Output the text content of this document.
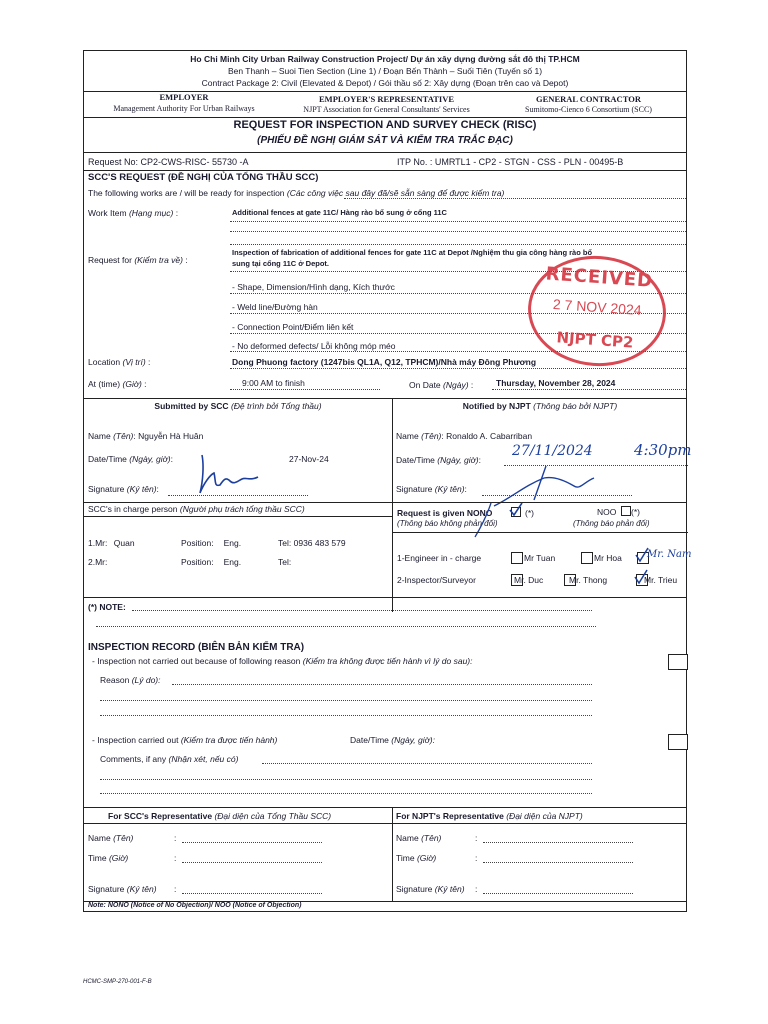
Ho Chi Minh City Urban Railway Construction Project/ Dự án xây dựng đường sắt đô thị TP.HCM
Ben Thanh – Suoi Tien Section (Line 1) / Đoạn Bến Thành – Suối Tiên (Tuyến số 1)
Contract Package 2: Civil (Elevated & Depot) / Gói thầu số 2: Xây dựng (Đoạn trên cao và Depot)
EMPLOYER
Management Authority For Urban Railways
EMPLOYER'S REPRESENTATIVE
NJPT Association for General Consultants' Services
GENERAL CONTRACTOR
Sumitomo-Cienco 6 Consortium (SCC)
REQUEST FOR INSPECTION AND SURVEY CHECK (RISC)
(PHIẾU ĐỀ NGHỊ GIÁM SÁT VÀ KIỂM TRA TRẮC ĐẠC)
Request No: CP2-CWS-RISC- 55730 -A	ITP No. : UMRTL1 - CP2 - STGN - CSS - PLN - 00495-B
SCC'S REQUEST (ĐỀ NGHỊ CỦA TỔNG THẦU SCC)
The following works are / will be ready for inspection (Các công việc sau đây đã/sẽ sẵn sàng để được kiểm tra)
Work Item (Hạng mục) :	Additional fences at gate 11C/ Hàng rào bổ sung ở cổng 11C
Inspection of fabrication of additional fences for gate 11C at Depot /Nghiệm thu gia công hàng rào bổ
Request for (Kiểm tra về) :	sung tại cổng 11C ở Depot.
- Shape, Dimension/Hình dạng, Kích thước
- Weld line/Đường hàn
- Connection Point/Điểm liên kết
- No deformed defects/ Lỗi không móp méo
Location (Vị trí) :	Dong Phuong factory (1247bis QL1A, Q12, TPHCM)/Nhà máy Đông Phương
At (time) (Giờ) :	9:00 AM to finish	On Date (Ngày) :	Thursday, November 28, 2024
Submitted by SCC (Đệ trình bởi Tổng thầu)	Notified by NJPT (Thông báo bởi NJPT)
Name (Tên): Nguyễn Hà Huân
Date/Time (Ngày, giờ):	27-Nov-24
Signature (Ký tên):
Name (Tên): Ronaldo A. Cabarriban
Date/Time (Ngày, giờ):
27/11/2024	4:30pm
Signature (Ký tên):
SCC's in charge person (Người phụ trách tổng thầu SCC)
1.Mr: Quan	Position: Eng.	Tel: 0936 483 579
2.Mr:	Position: Eng.	Tel:
Request is given NONO	(*)
(Thông báo không phản đối)
NOO (*)
(Thông báo phản đối)
1-Engineer in - charge	Mr Tuan	Mr Hoa	Mr. Nam
2-Inspector/Surveyor	Mr. Duc	Mr. Thong	Mr. Trieu
(*) NOTE:
INSPECTION RECORD (BIÊN BẢN KIỂM TRA)
- Inspection not carried out because of following reason (Kiểm tra không được tiến hành vì lý do sau):
Reason (Lý do):
- Inspection carried out (Kiểm tra được tiến hành)	Date/Time (Ngày, giờ):
Comments, if any (Nhận xét, nếu có)
For SCC's Representative (Đại diện của Tổng Thầu SCC)	For NJPT's Representative (Đại diện của NJPT)
Name (Tên)	:
Time (Giờ)	:
Signature (Ký tên) :
Name (Tên)	:
Time (Giờ)	:
Signature (Ký tên) :
Note: NONO (Notice of No Objection)/ NOO (Notice of Objection)
RECEIVED
2 7 NOV 2024
NJPT CP2
HCMC-SMP-270-001-F-B
